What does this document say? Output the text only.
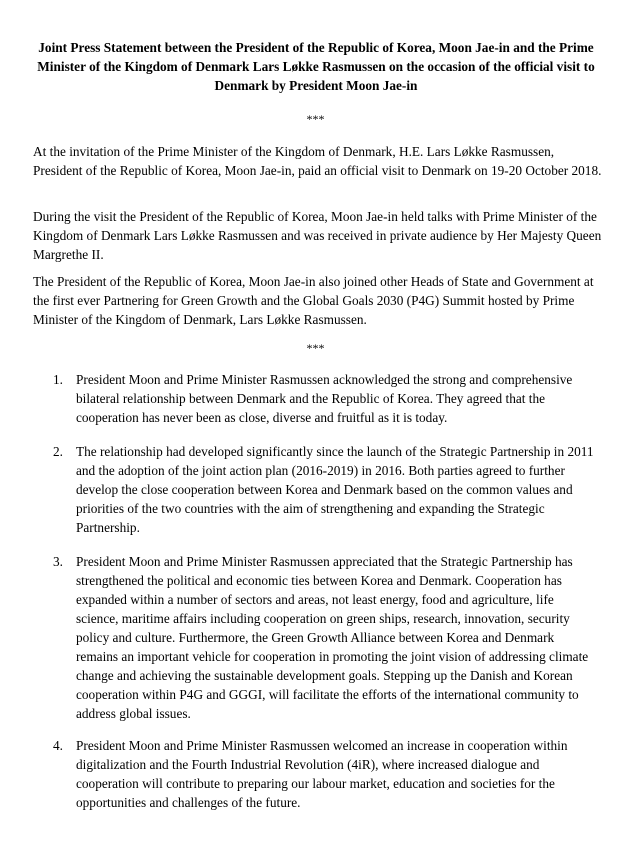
Joint Press Statement between the President of the Republic of Korea, Moon Jae-in and the Prime Minister of the Kingdom of Denmark Lars Løkke Rasmussen on the occasion of the official visit to Denmark by President Moon Jae-in
***
At the invitation of the Prime Minister of the Kingdom of Denmark, H.E. Lars Løkke Rasmussen, President of the Republic of Korea, Moon Jae-in, paid an official visit to Denmark on 19-20 October 2018.
During the visit the President of the Republic of Korea, Moon Jae-in held talks with Prime Minister of the Kingdom of Denmark Lars Løkke Rasmussen and was received in private audience by Her Majesty Queen Margrethe II.
The President of the Republic of Korea, Moon Jae-in also joined other Heads of State and Government at the first ever Partnering for Green Growth and the Global Goals 2030 (P4G) Summit hosted by Prime Minister of the Kingdom of Denmark, Lars Løkke Rasmussen.
***
1. President Moon and Prime Minister Rasmussen acknowledged the strong and comprehensive bilateral relationship between Denmark and the Republic of Korea. They agreed that the cooperation has never been as close, diverse and fruitful as it is today.
2. The relationship had developed significantly since the launch of the Strategic Partnership in 2011 and the adoption of the joint action plan (2016-2019) in 2016. Both parties agreed to further develop the close cooperation between Korea and Denmark based on the common values and priorities of the two countries with the aim of strengthening and expanding the Strategic Partnership.
3. President Moon and Prime Minister Rasmussen appreciated that the Strategic Partnership has strengthened the political and economic ties between Korea and Denmark. Cooperation has expanded within a number of sectors and areas, not least energy, food and agriculture, life science, maritime affairs including cooperation on green ships, research, innovation, security policy and culture. Furthermore, the Green Growth Alliance between Korea and Denmark remains an important vehicle for cooperation in promoting the joint vision of addressing climate change and achieving the sustainable development goals. Stepping up the Danish and Korean cooperation within P4G and GGGI, will facilitate the efforts of the international community to address global issues.
4. President Moon and Prime Minister Rasmussen welcomed an increase in cooperation within digitalization and the Fourth Industrial Revolution (4iR), where increased dialogue and cooperation will contribute to preparing our labour market, education and societies for the opportunities and challenges of the future.
